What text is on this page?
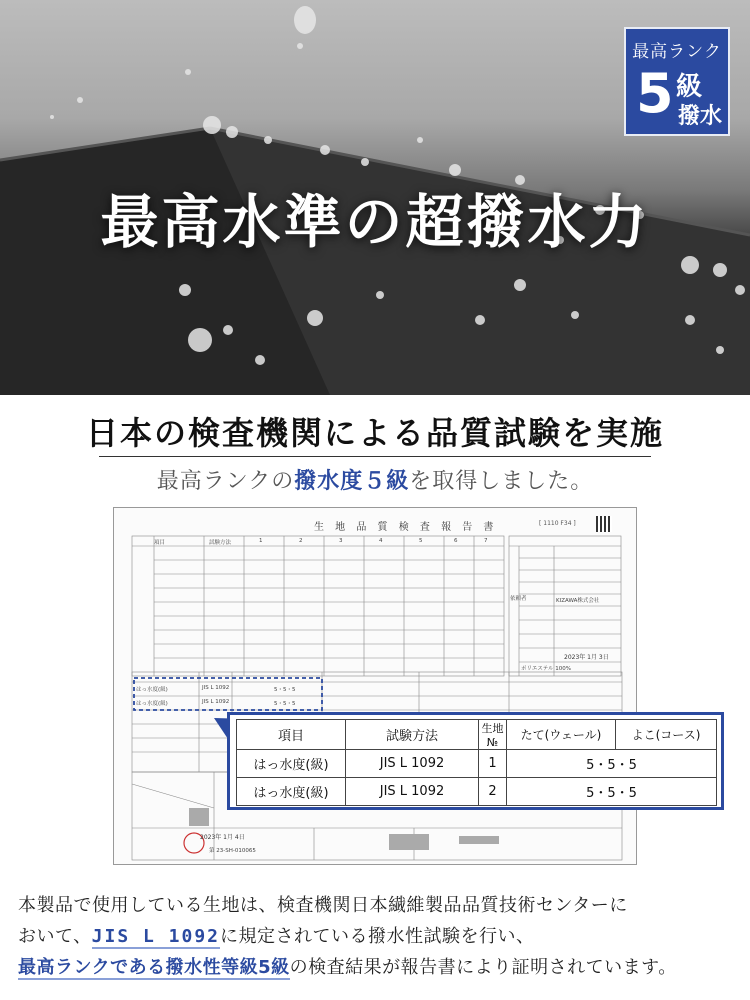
最高水準の超撥水力
最高ランク
5 級
撥水
日本の検査機関による品質試験を実施
最高ランクの撥水度５級を取得しました。
生 地 品 質 検 査 報 告 書	[ 1110 F34 ]
項目	試験方法	1	2	3	4	5	6	7
依頼者	KIZAWA株式会社
ポリエステル 100%
2023年 1月 3日
はっ水度(級)	JIS L 1092	5・5・5
はっ水度(級)	JIS L 1092	5・5・5
2023年 1月 4日
第 23-SH-010065
項目	試験方法	生地№	たて(ウェール)	よこ(コース)
はっ水度(級)	JIS L 1092	1	5・5・5	
はっ水度(級)	JIS L 1092	2	5・5・5	
本製品で使用している生地は、検査機関日本繊維製品品質技術センターに
おいて、JIS L 1092に規定されている撥水性試験を行い、
最高ランクである撥水性等級5級の検査結果が報告書により証明されています。
